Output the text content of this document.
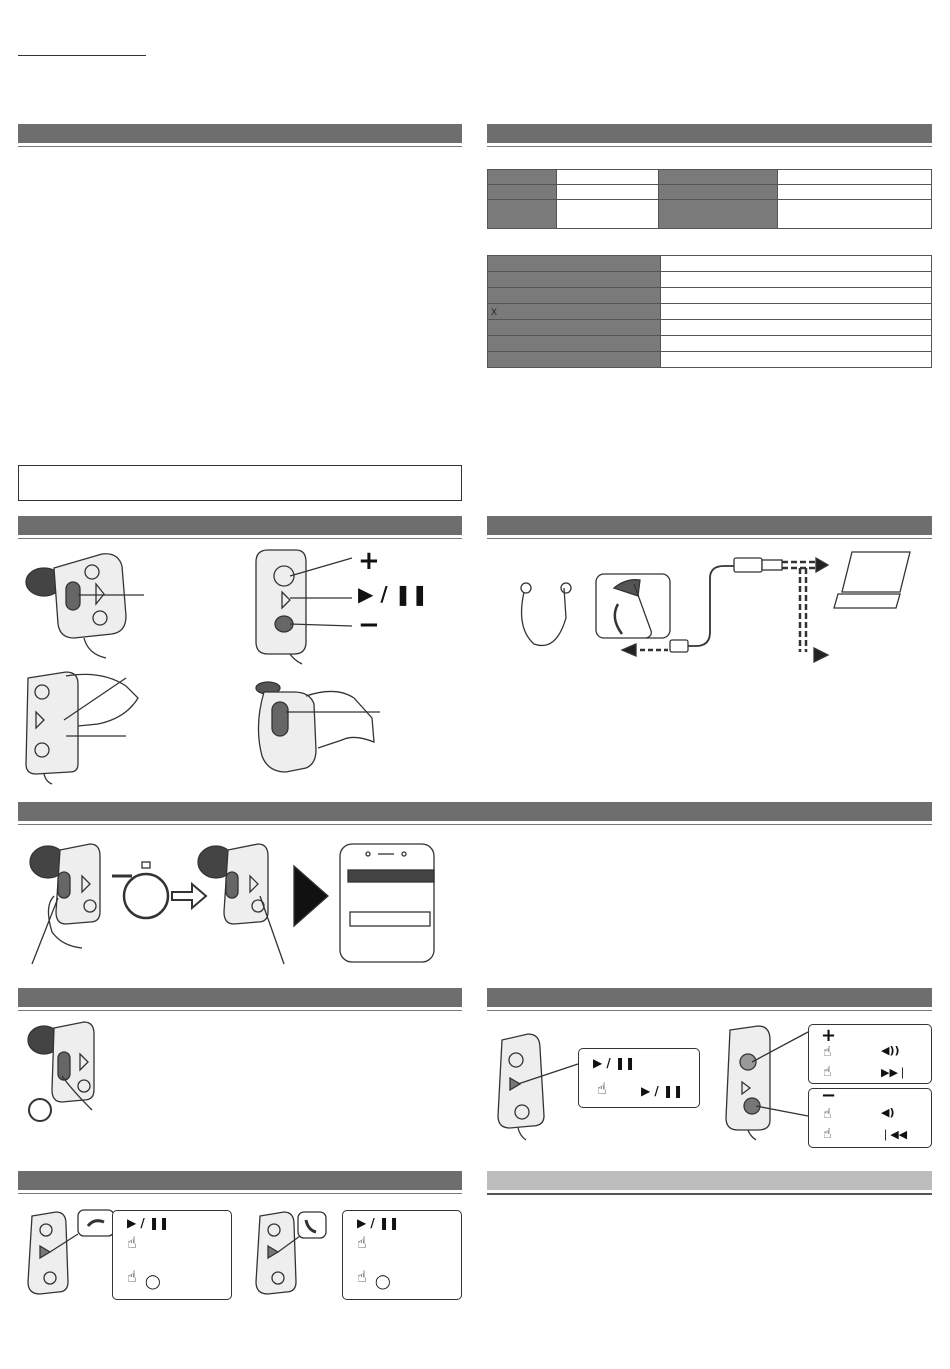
X	

+
▶ / ❚❚
−
▶ / ❚❚
☝	▶ / ❚❚
+
☝	◀))
☝	▶▶❘
−
☝	◀)
☝	❘◀◀
▶ / ❚❚
☝
☝ ◯
▶ / ❚❚
☝
☝ ◯
